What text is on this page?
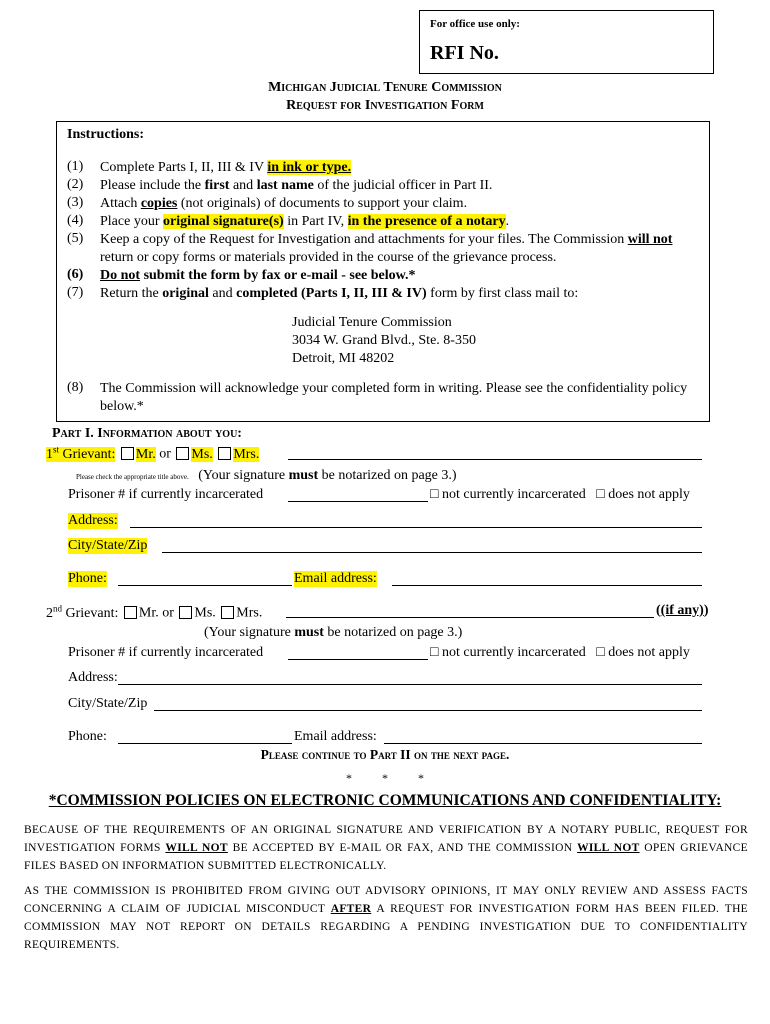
For office use only:
RFI No.
Michigan Judicial Tenure Commission
Request for Investigation Form
Instructions:
(1)	Complete Parts I, II, III & IV in ink or type.
(2)	Please include the first and last name of the judicial officer in Part II.
(3)	Attach copies (not originals) of documents to support your claim.
(4)	Place your original signature(s) in Part IV, in the presence of a notary.
(5)	Keep a copy of the Request for Investigation and attachments for your files. The Commission will not return or copy forms or materials provided in the course of the grievance process.
(6)	Do not submit the form by fax or e-mail - see below.*
(7)	Return the original and completed (Parts I, II, III & IV) form by first class mail to:
Judicial Tenure Commission
3034 W. Grand Blvd., Ste. 8-350
Detroit, MI 48202
(8)	The Commission will acknowledge your completed form in writing. Please see the confidentiality policy below.*
Part I. Information about you:
1st Grievant: Mr. or Ms. Mrs.
Please check the appropriate title above. (Your signature must be notarized on page 3.)
Prisoner # if currently incarcerated	□ not currently incarcerated □ does not apply
Address:
City/State/Zip
Phone:	Email address:
2nd Grievant: Mr. or Ms. Mrs.	((if any))
(Your signature must be notarized on page 3.)
Prisoner # if currently incarcerated	□ not currently incarcerated □ does not apply
Address:
City/State/Zip
Phone:	Email address:
Please continue to Part II on the next page.
*          *          *
*COMMISSION POLICIES ON ELECTRONIC COMMUNICATIONS AND CONFIDENTIALITY:
BECAUSE OF THE REQUIREMENTS OF AN ORIGINAL SIGNATURE AND VERIFICATION BY A NOTARY PUBLIC, REQUEST FOR INVESTIGATION FORMS WILL NOT BE ACCEPTED BY E-MAIL OR FAX, AND THE COMMISSION WILL NOT OPEN GRIEVANCE FILES BASED ON INFORMATION SUBMITTED ELECTRONICALLY.
AS THE COMMISSION IS PROHIBITED FROM GIVING OUT ADVISORY OPINIONS, IT MAY ONLY REVIEW AND ASSESS FACTS CONCERNING A CLAIM OF JUDICIAL MISCONDUCT AFTER A REQUEST FOR INVESTIGATION FORM HAS BEEN FILED. THE COMMISSION MAY NOT REPORT ON DETAILS REGARDING A PENDING INVESTIGATION DUE TO CONFIDENTIALITY REQUIREMENTS.
